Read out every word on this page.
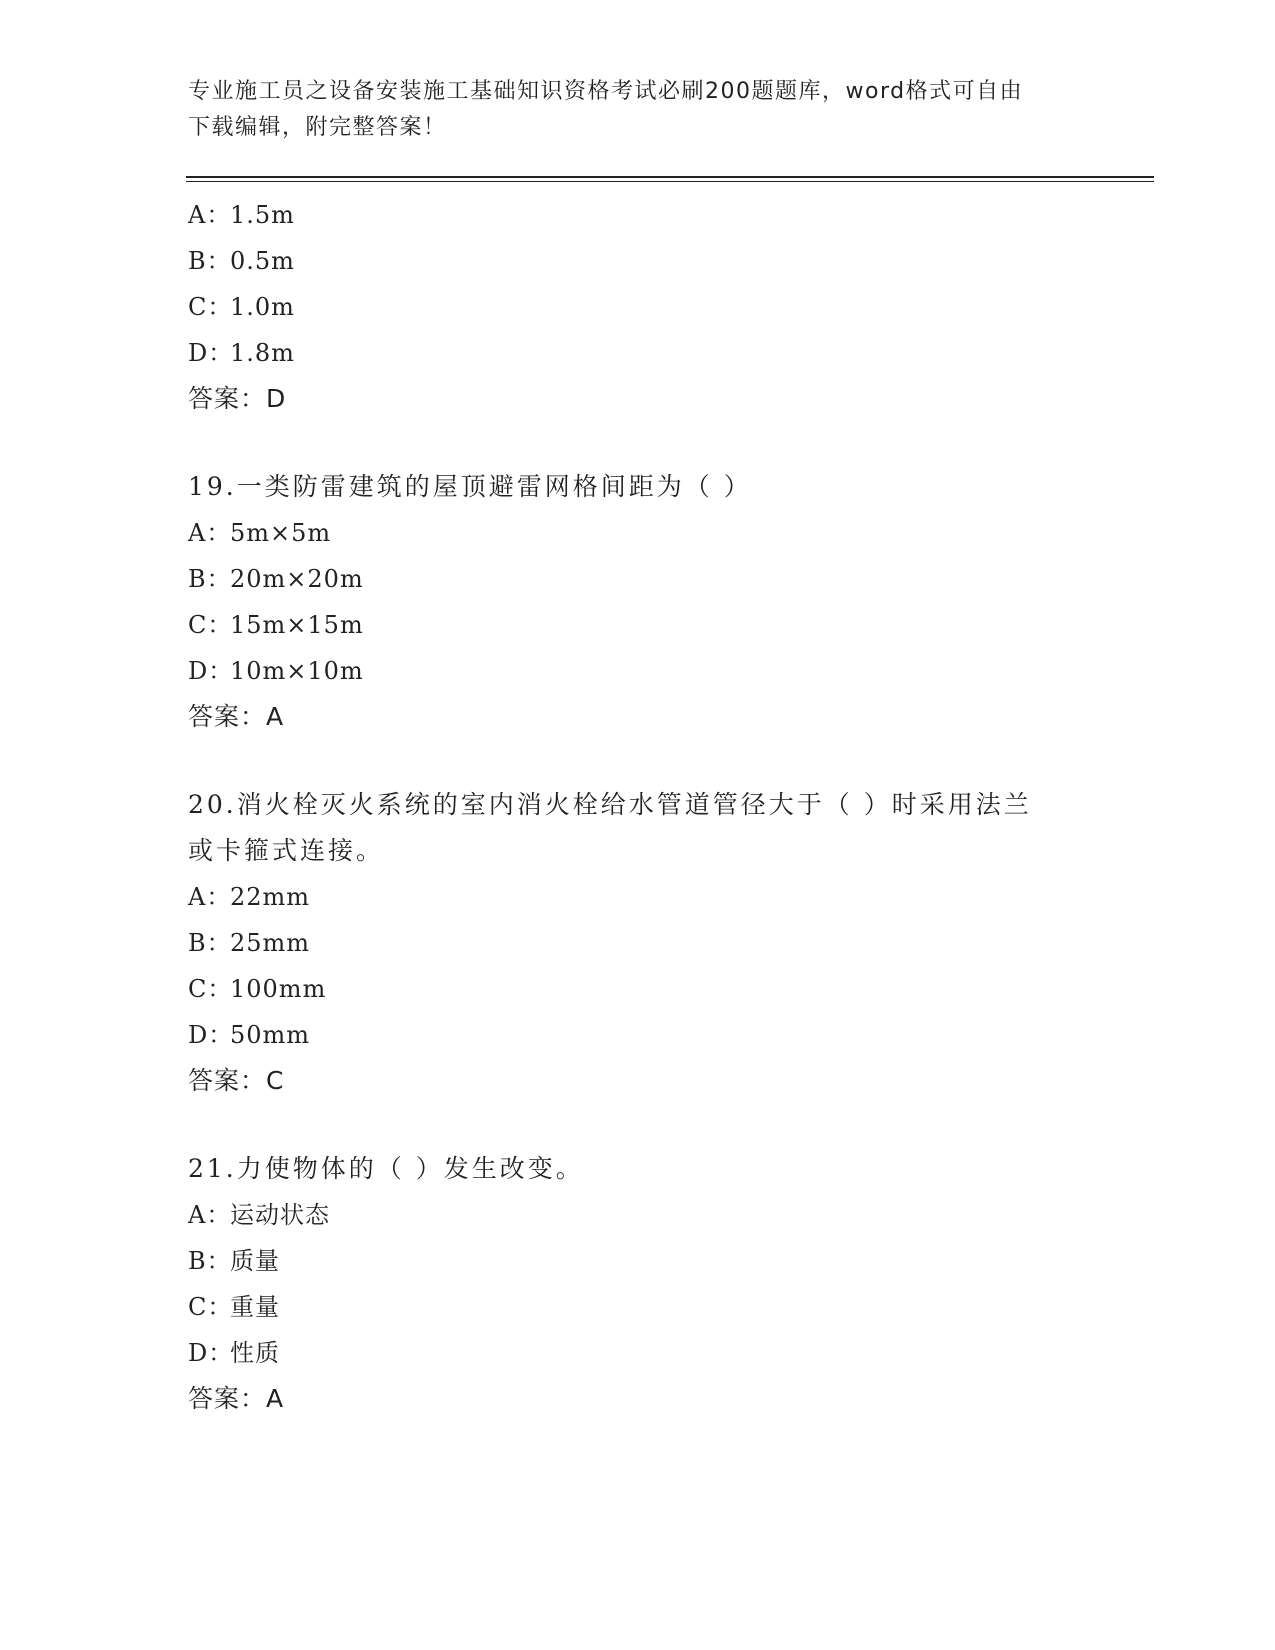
专业施工员之设备安装施工基础知识资格考试必刷200题题库，word格式可自由
下载编辑，附完整答案！
A：1.5m
B：0.5m
C：1.0m
D：1.8m
答案：D
19.一类防雷建筑的屋顶避雷网格间距为（ ）
A：5m×5m
B：20m×20m
C：15m×15m
D：10m×10m
答案：A
20.消火栓灭火系统的室内消火栓给水管道管径大于（ ）时采用法兰
或卡箍式连接。
A：22mm
B：25mm
C：100mm
D：50mm
答案：C
21.力使物体的（ ）发生改变。
A：运动状态
B：质量
C：重量
D：性质
答案：A
